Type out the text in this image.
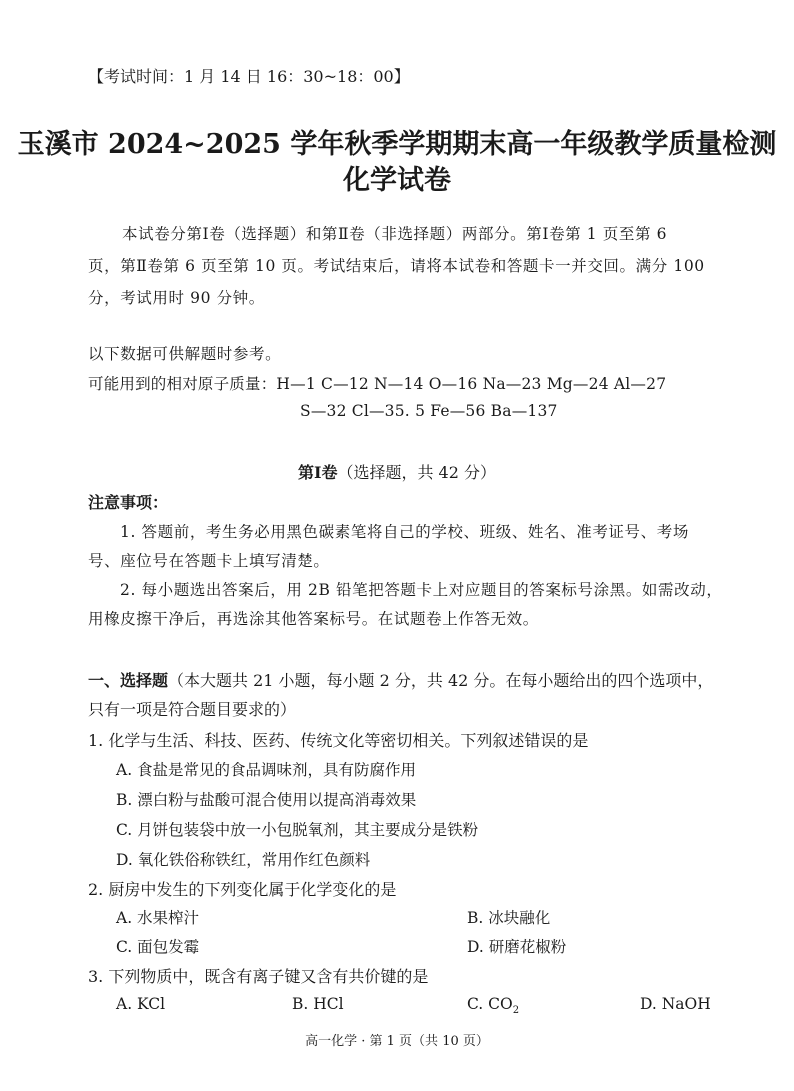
【考试时间：1 月 14 日 16：30~18：00】
玉溪市 2024~2025 学年秋季学期期末高一年级教学质量检测
化学试卷
本试卷分第Ⅰ卷（选择题）和第Ⅱ卷（非选择题）两部分。第Ⅰ卷第 1 页至第 6
页，第Ⅱ卷第 6 页至第 10 页。考试结束后，请将本试卷和答题卡一并交回。满分 100
分，考试用时 90 分钟。
以下数据可供解题时参考。
可能用到的相对原子质量：H—1 C—12 N—14 O—16 Na—23 Mg—24 Al—27
S—32 Cl—35. 5 Fe—56 Ba—137
第Ⅰ卷（选择题，共 42 分）
注意事项：
1. 答题前，考生务必用黑色碳素笔将自己的学校、班级、姓名、准考证号、考场
号、座位号在答题卡上填写清楚。
2. 每小题选出答案后，用 2B 铅笔把答题卡上对应题目的答案标号涂黑。如需改动，
用橡皮擦干净后，再选涂其他答案标号。在试题卷上作答无效。
一、选择题（本大题共 21 小题，每小题 2 分，共 42 分。在每小题给出的四个选项中，
只有一项是符合题目要求的）
1. 化学与生活、科技、医药、传统文化等密切相关。下列叙述错误的是
A. 食盐是常见的食品调味剂，具有防腐作用
B. 漂白粉与盐酸可混合使用以提高消毒效果
C. 月饼包装袋中放一小包脱氧剂，其主要成分是铁粉
D. 氧化铁俗称铁红，常用作红色颜料
2. 厨房中发生的下列变化属于化学变化的是
A. 水果榨汁	B. 冰块融化
C. 面包发霉	D. 研磨花椒粉
3. 下列物质中，既含有离子键又含有共价键的是
A. KCl	B. HCl	C. $CO_2$	D. NaOH
高一化学 · 第 1 页（共 10 页）
